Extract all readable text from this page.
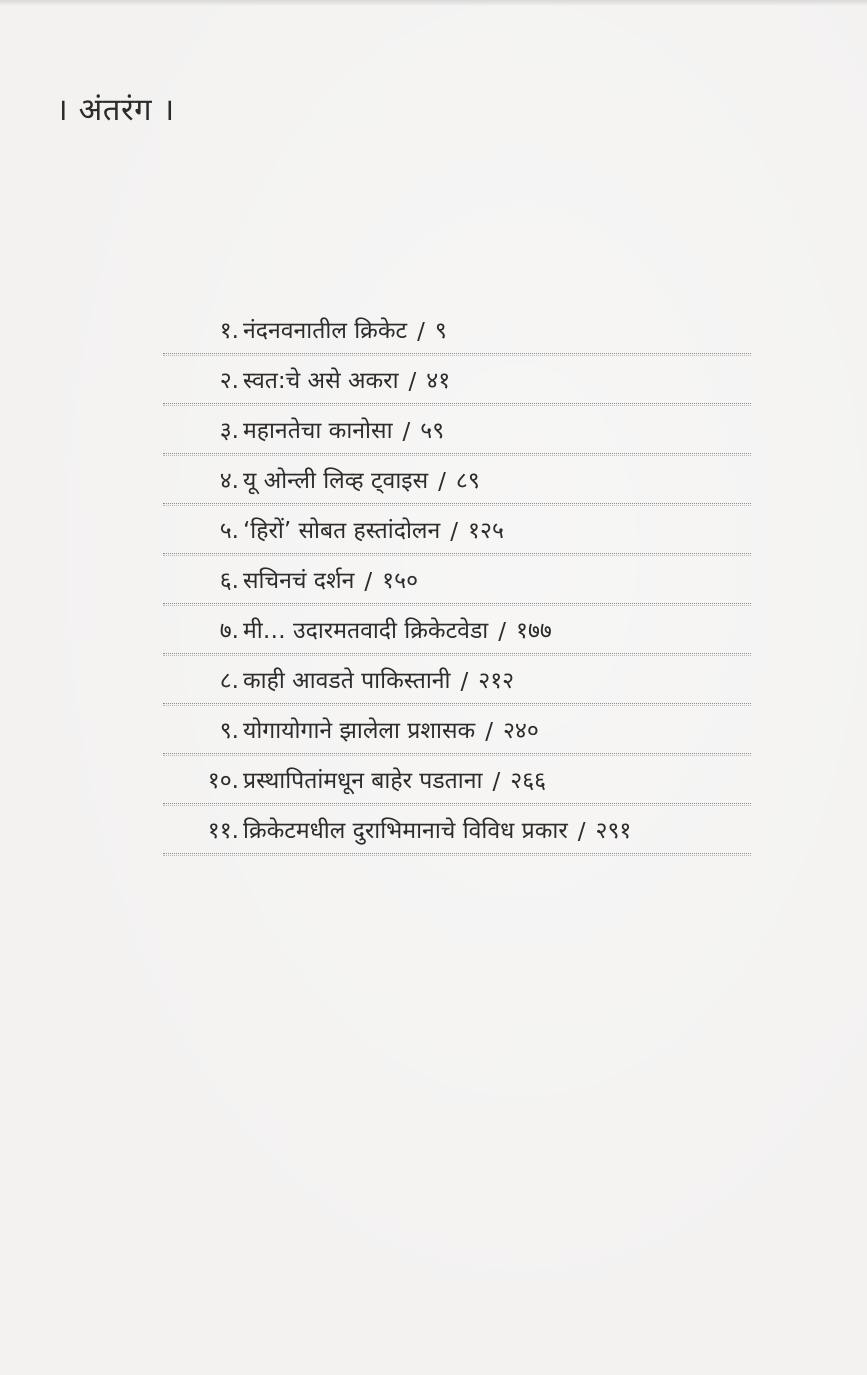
। अंतरंग ।
१. नंदनवनातील क्रिकेट / ९
२. स्वत:चे असे अकरा / ४१
३. महानतेचा कानोसा / ५९
४. यू ओन्ली लिव्ह ट्वाइस / ८९
५. ‘हिरों’ सोबत हस्तांदोलन / १२५
६. सचिनचं दर्शन / १५०
७. मी… उदारमतवादी क्रिकेटवेडा / १७७
८. काही आवडते पाकिस्तानी / २१२
९. योगायोगाने झालेला प्रशासक / २४०
१०. प्रस्थापितांमधून बाहेर पडताना / २६६
११. क्रिकेटमधील दुराभिमानाचे विविध प्रकार / २९१
